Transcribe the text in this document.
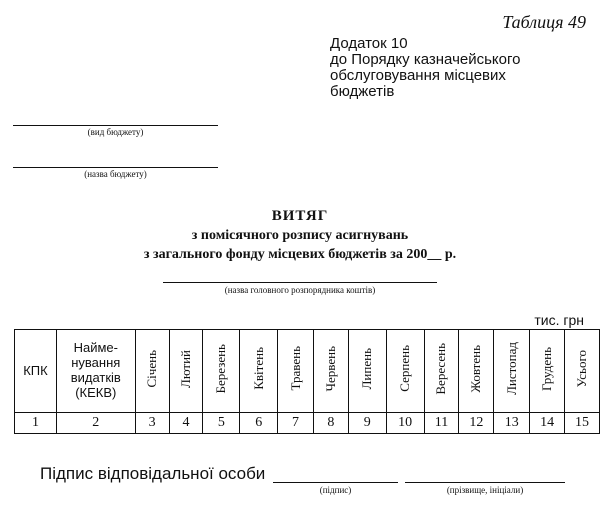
Таблиця 49
Додаток 10
до Порядку казначейського
обслуговування місцевих
бюджетів
(вид бюджету)
(назва бюджету)
ВИТЯГ
з помісячного розпису асигнувань
з загального фонду місцевих бюджетів за 200__ р.
(назва головного розпорядника коштів)
тис. грн
КПК	Найме-
нування
видатків
(КЕКВ)	Січень	Лютий	Березень	Квітень	Травень	Червень	Липень	Серпень	Вересень	Жовтень	Листопад	Грудень	Усього
1	2	3	4	5	6	7	8	9	10	11	12	13	14	15
Підпис відповідальної особи
(підпис)	(прізвище, ініціали)
